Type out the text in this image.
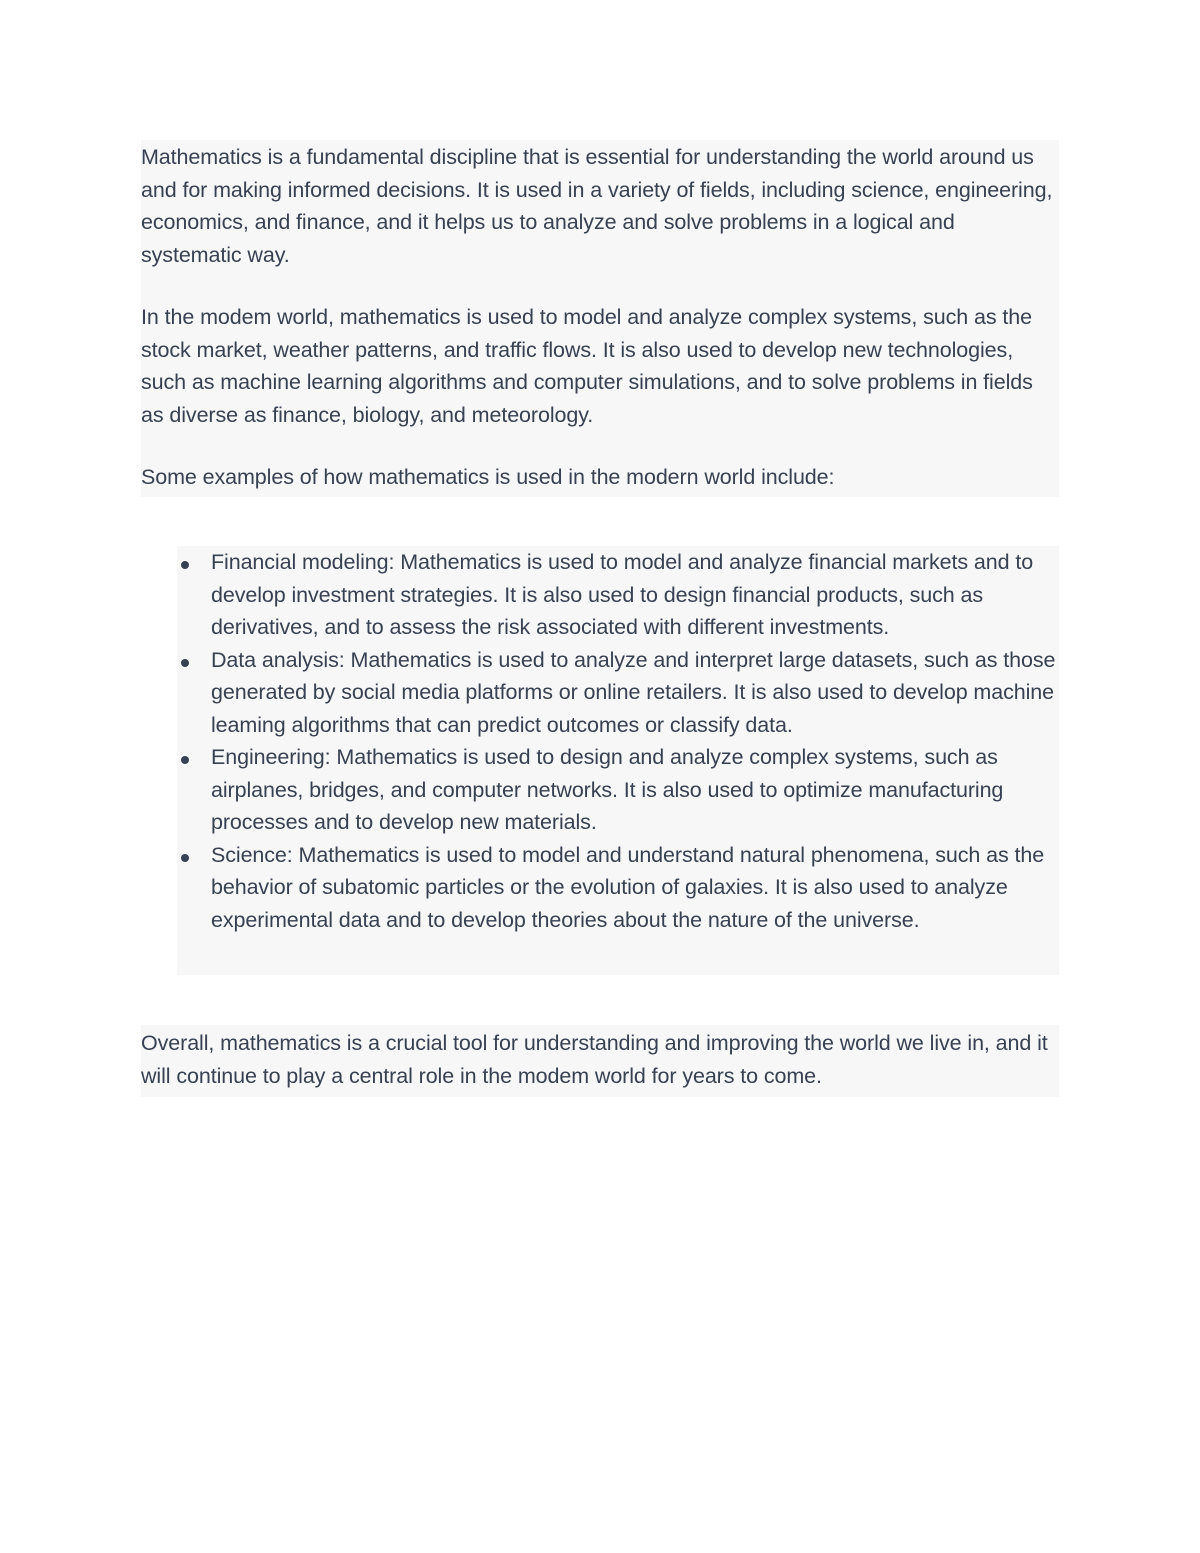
Mathematics is a fundamental discipline that is essential for understanding the world around us and for making informed decisions. It is used in a variety of fields, including science, engineering, economics, and finance, and it helps us to analyze and solve problems in a logical and systematic way.

In the modem world, mathematics is used to model and analyze complex systems, such as the stock market, weather patterns, and traffic flows. It is also used to develop new technologies, such as machine learning algorithms and computer simulations, and to solve problems in fields as diverse as finance, biology, and meteorology.

Some examples of how mathematics is used in the modern world include:

Financial modeling: Mathematics is used to model and analyze financial markets and to develop investment strategies. It is also used to design financial products, such as derivatives, and to assess the risk associated with different investments.
Data analysis: Mathematics is used to analyze and interpret large datasets, such as those generated by social media platforms or online retailers. It is also used to develop machine leaming algorithms that can predict outcomes or classify data.
Engineering: Mathematics is used to design and analyze complex systems, such as airplanes, bridges, and computer networks. It is also used to optimize manufacturing processes and to develop new materials.
Science: Mathematics is used to model and understand natural phenomena, such as the behavior of subatomic particles or the evolution of galaxies. It is also used to analyze experimental data and to develop theories about the nature of the universe.

Overall, mathematics is a crucial tool for understanding and improving the world we live in, and it will continue to play a central role in the modem world for years to come.
